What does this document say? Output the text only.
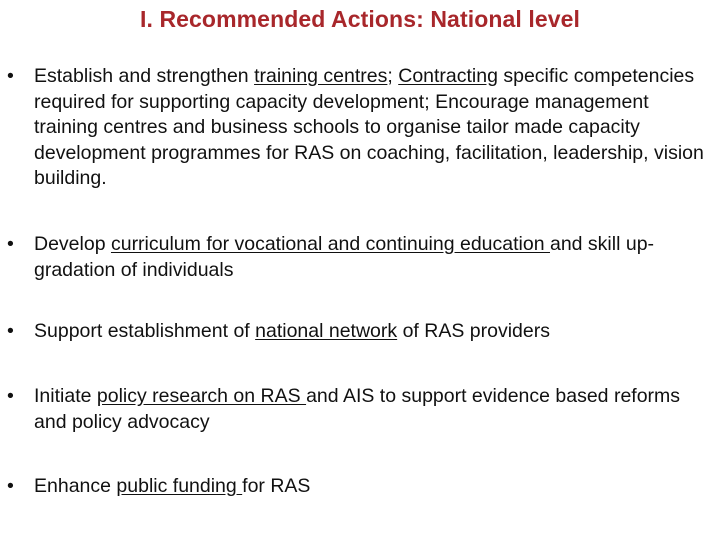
I. Recommended Actions: National level
• Establish and strengthen training centres; Contracting specific competencies required for supporting capacity development; Encourage management training centres and business schools to organise tailor made capacity development programmes for RAS on coaching, facilitation, leadership, vision building.
• Develop curriculum for vocational and continuing education and skill up-gradation of individuals
• Support establishment of national network of RAS providers
• Initiate policy research on RAS and AIS to support evidence based reforms and policy advocacy
• Enhance public funding for RAS
